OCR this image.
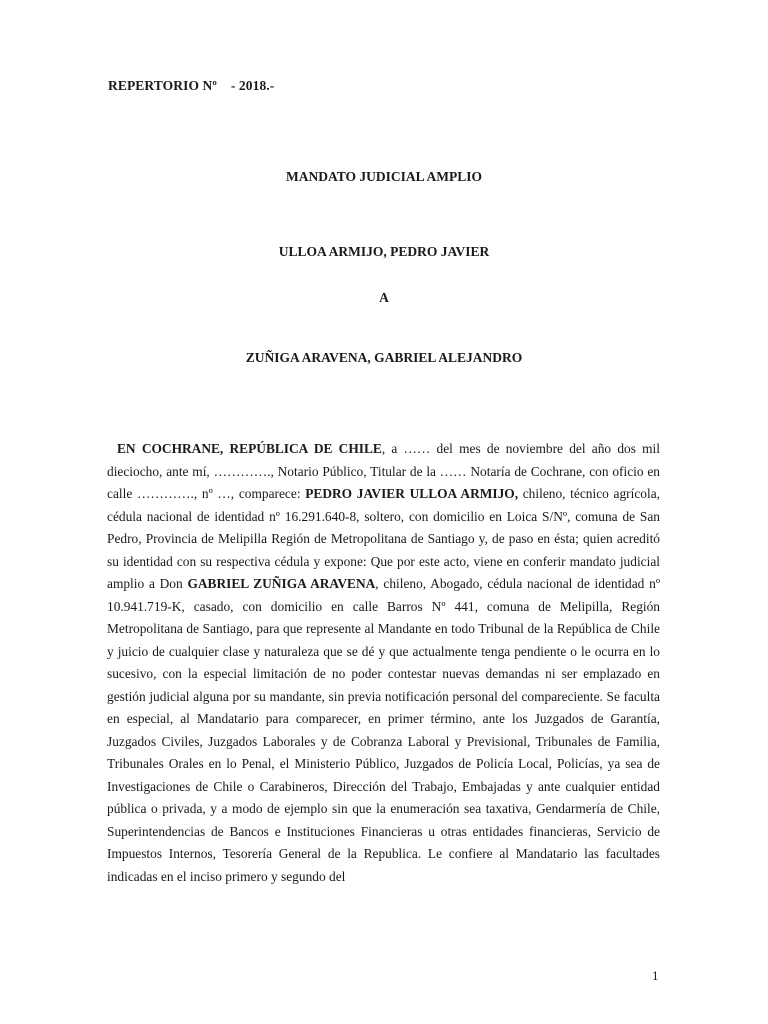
REPERTORIO Nº    - 2018.-
MANDATO JUDICIAL AMPLIO
ULLOA ARMIJO, PEDRO JAVIER
A
ZUÑIGA ARAVENA, GABRIEL ALEJANDRO

EN COCHRANE, REPÚBLICA DE CHILE, a …… del mes de noviembre del año dos mil dieciocho, ante mí, …………., Notario Público, Titular de la …… Notaría de Cochrane, con oficio en calle …………., nº …, comparece: PEDRO JAVIER ULLOA ARMIJO, chileno, técnico agrícola, cédula nacional de identidad nº 16.291.640-8, soltero, con domicilio en Loica S/Nº, comuna de San Pedro, Provincia de Melipilla Región de Metropolitana de Santiago y, de paso en ésta; quien acreditó su identidad con su respectiva cédula y expone: Que por este acto, viene en conferir mandato judicial amplio a Don GABRIEL ZUÑIGA ARAVENA, chileno, Abogado, cédula nacional de identidad nº 10.941.719-K, casado, con domicilio en calle Barros Nº 441, comuna de Melipilla, Región Metropolitana de Santiago, para que represente al Mandante en todo Tribunal de la República de Chile y juicio de cualquier clase y naturaleza que se dé y que actualmente tenga pendiente o le ocurra en lo sucesivo, con la especial limitación de no poder contestar nuevas demandas ni ser emplazado en gestión judicial alguna por su mandante, sin previa notificación personal del compareciente. Se faculta en especial, al Mandatario para comparecer, en primer término, ante los Juzgados de Garantía, Juzgados Civiles, Juzgados Laborales y de Cobranza Laboral y Previsional, Tribunales de Familia, Tribunales Orales en lo Penal, el Ministerio Público, Juzgados de Policía Local, Policías, ya sea de Investigaciones de Chile o Carabineros, Dirección del Trabajo, Embajadas y ante cualquier entidad pública o privada, y a modo de ejemplo sin que la enumeración sea taxativa, Gendarmería de Chile, Superintendencias de Bancos e Instituciones Financieras u otras entidades financieras, Servicio de Impuestos Internos, Tesorería General de la Republica. Le confiere al Mandatario las facultades indicadas en el inciso primero y segundo del

1
